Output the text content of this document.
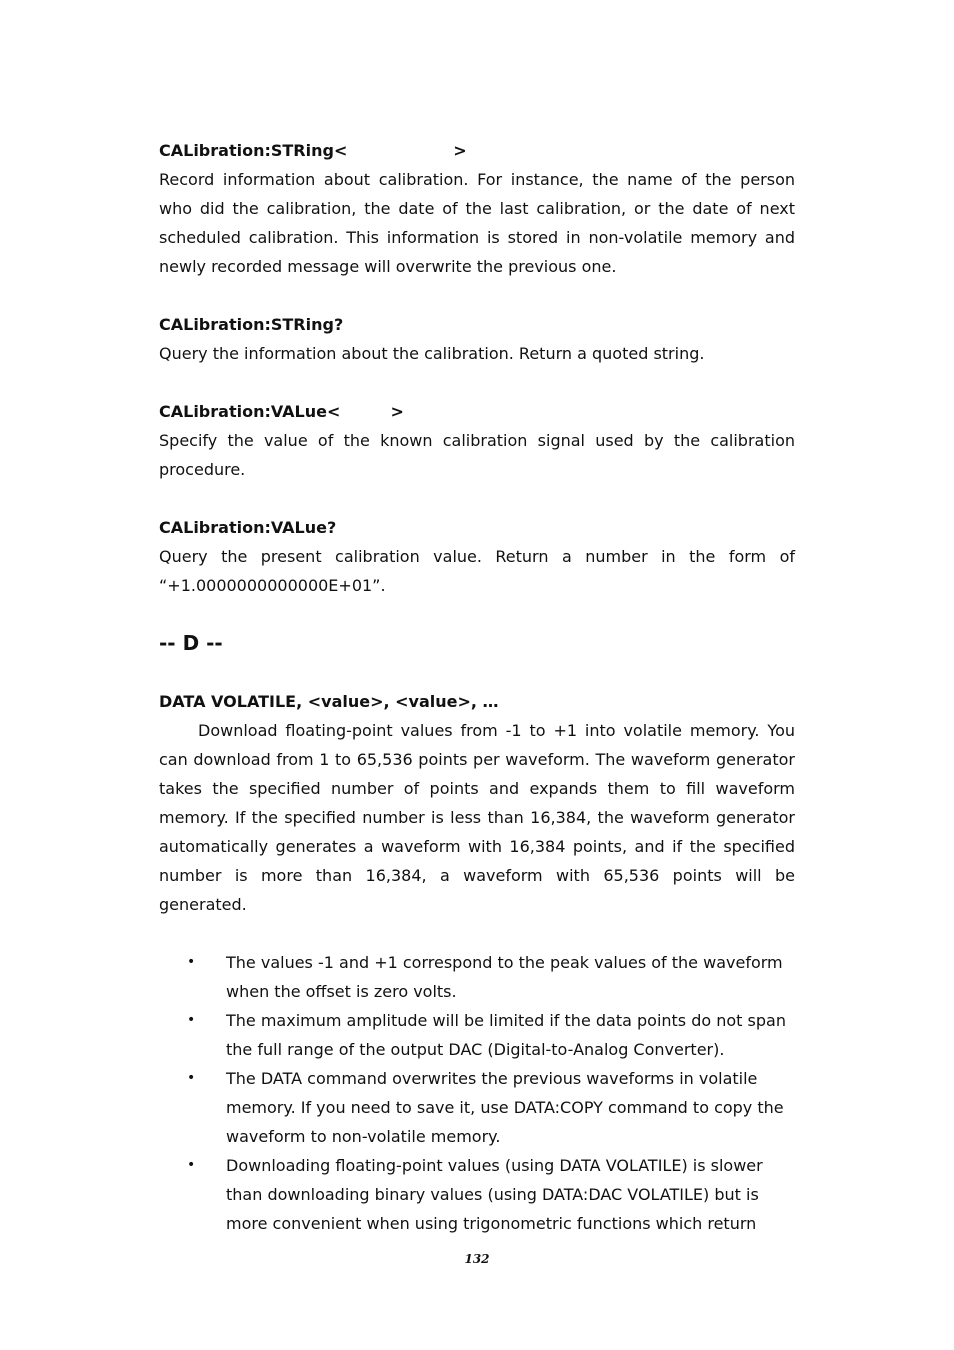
CALibration:STRing<                   >

Record information about calibration. For instance, the name of the person who did the calibration, the date of the last calibration, or the date of next scheduled calibration. This information is stored in non-volatile memory and newly recorded message will overwrite the previous one.

CALibration:STRing?

Query the information about the calibration. Return a quoted string.

CALibration:VALue<         >

Specify the value of the known calibration signal used by the calibration procedure.

CALibration:VALue?

Query the present calibration value. Return a number in the form of “+1.0000000000000E+01”.

-- D --

DATA VOLATILE, <value>, <value>, …

Download floating-point values from -1 to +1 into volatile memory. You can download from 1 to 65,536 points per waveform. The waveform generator takes the specified number of points and expands them to fill waveform memory. If the specified number is less than 16,384, the waveform generator automatically generates a waveform with 16,384 points, and if the specified number is more than 16,384, a waveform with 65,536 points will be generated.

• The values -1 and +1 correspond to the peak values of the waveform when the offset is zero volts.
• The maximum amplitude will be limited if the data points do not span the full range of the output DAC (Digital-to-Analog Converter).
• The DATA command overwrites the previous waveforms in volatile memory. If you need to save it, use DATA:COPY command to copy the waveform to non-volatile memory.
• Downloading floating-point values (using DATA VOLATILE) is slower than downloading binary values (using DATA:DAC VOLATILE) but is more convenient when using trigonometric functions which return
132
